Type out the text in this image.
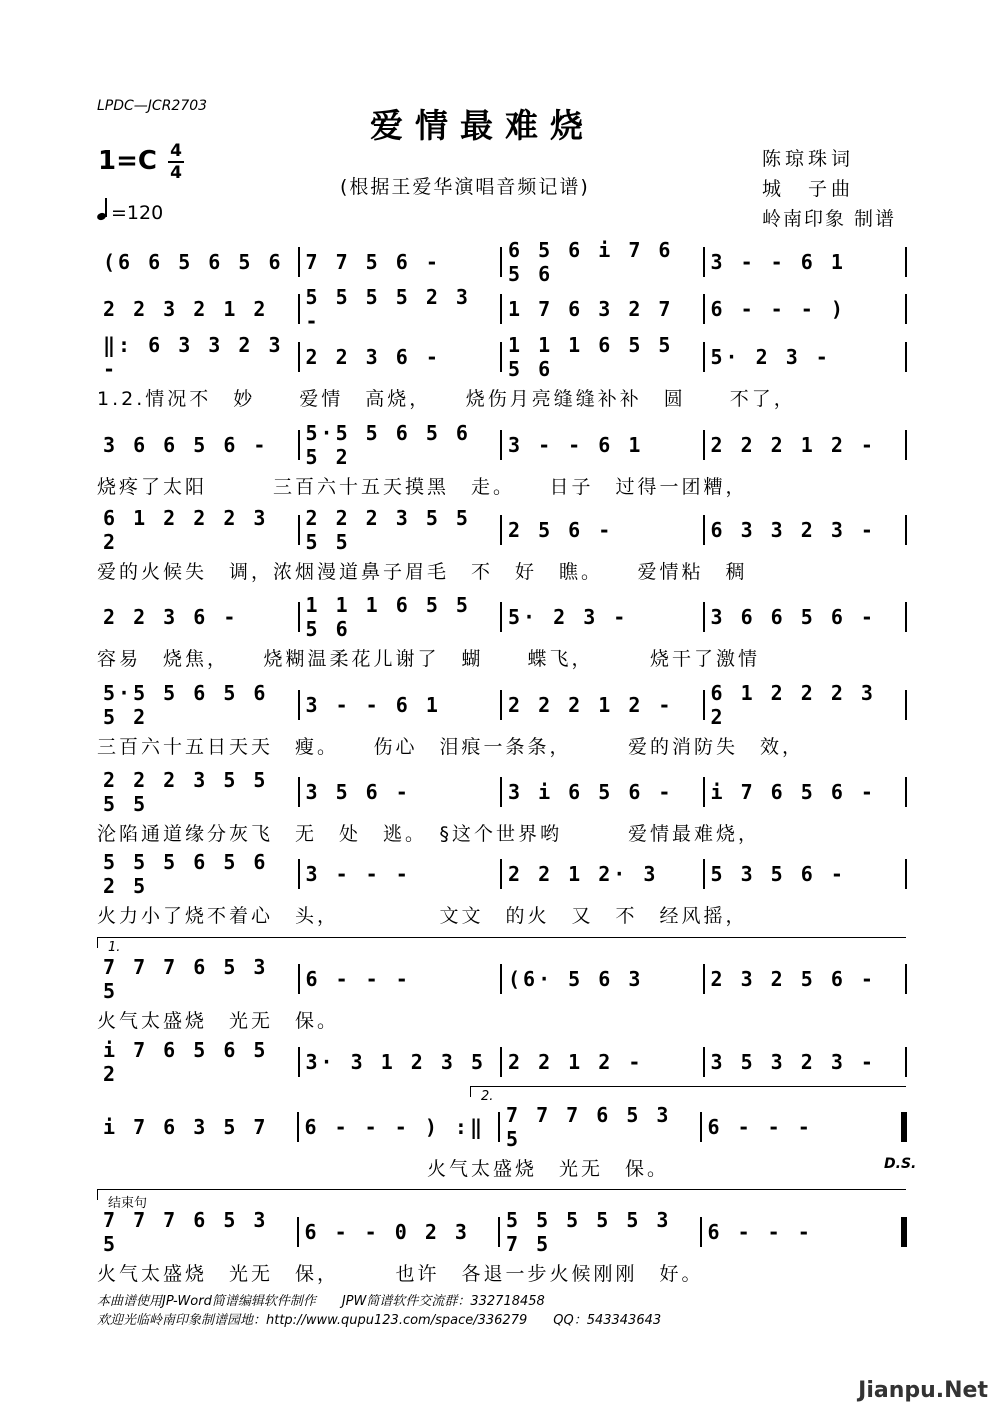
LPDC—JCR2703	爱情最难烧
(根据王爱华演唱音频记谱)
1=C 4
4
=120
陈琼珠词
城　子曲
岭南印象 制谱
(6 6 5 6 5 6	7 7 5 6 -	6 5 6 i 7 6 5 6	3 - - 6 1
2 2 3 2 1 2	5 5 5 5 2 3 -	1 7 6 3 2 7	6 - - - )
‖: 6 3 3 2 3 -	2 2 3 6 -	1 1 1 6 5 5 5 6	5· 2 3 -
1.2.情况不　妙　　爱情　高烧，　　烧伤月亮缝缝补补　圆　　不了，
3 6 6 5 6 -	5·5 5 6 5 6 5 2	3 - - 6 1	2 2 2 1 2 -
烧疼了太阳　　　三百六十五天摸黑　走。　　日子　过得一团糟，
6 1 2 2 2 3 2
2 2 2 3 5 5 5 5	2 5 6 -	6 3 3 2 3 -
爱的火候失　调，浓烟漫道鼻子眉毛　不　好　瞧。　　爱情粘　稠
2 2 3 6 -	1 1 1 6 5 5 5 6	5· 2 3 -	3 6 6 5 6 -
容易　烧焦，　　烧糊温柔花儿谢了　蝴　　蝶飞，　　　烧干了激情
5·5 5 6 5 6 5 2	3 - - 6 1	2 2 2 1 2 -	6 1 2 2 2 3 2
三百六十五日天天　瘦。　　伤心　泪痕一条条，　　　爱的消防失　效，
2 2 2 3 5 5 5 5	3 5 6 -	3 i 6 5 6 -	i 7 6 5 6 -
沦陷通道缘分灰飞　无　处　逃。　§这个世界哟　　　爱情最难烧，
5 5 5 6 5 6 2 5	3 - - -	2 2 1 2· 3	5 3 5 6 -
火力小了烧不着心　头，　　　　　文文　的火　又　不　经风摇，
7 7 7 6 5 3 5	6 - - -	(6· 5 6 3	2 3 2 5 6 -
火气太盛烧　光无　保。
i 7 6 5 6 5 2	3· 3 1 2 3 5	2 2 1 2 -	3 5 3 2 3 -
i 7 6 3 5 7	6 - - - ) :‖	7 7 7 6 5 3 5	6 - - -
　　　　　　　　　　　　　　　火气太盛烧　光无　保。
7 7 7 6 5 3 5	6 - - 0 2 3	5 5 5 5 5 3 7 5	6 - - -
火气太盛烧　光无　保，　　　也许　各退一步火候刚刚　好。
1.
2.
结束句
D.S.
本曲谱使用JP-Word简谱编辑软件制作　　JPW简谱软件交流群：332718458
欢迎光临岭南印象制谱园地：http://www.qupu123.com/space/336279　　QQ：543343643
Jianpu.Net
